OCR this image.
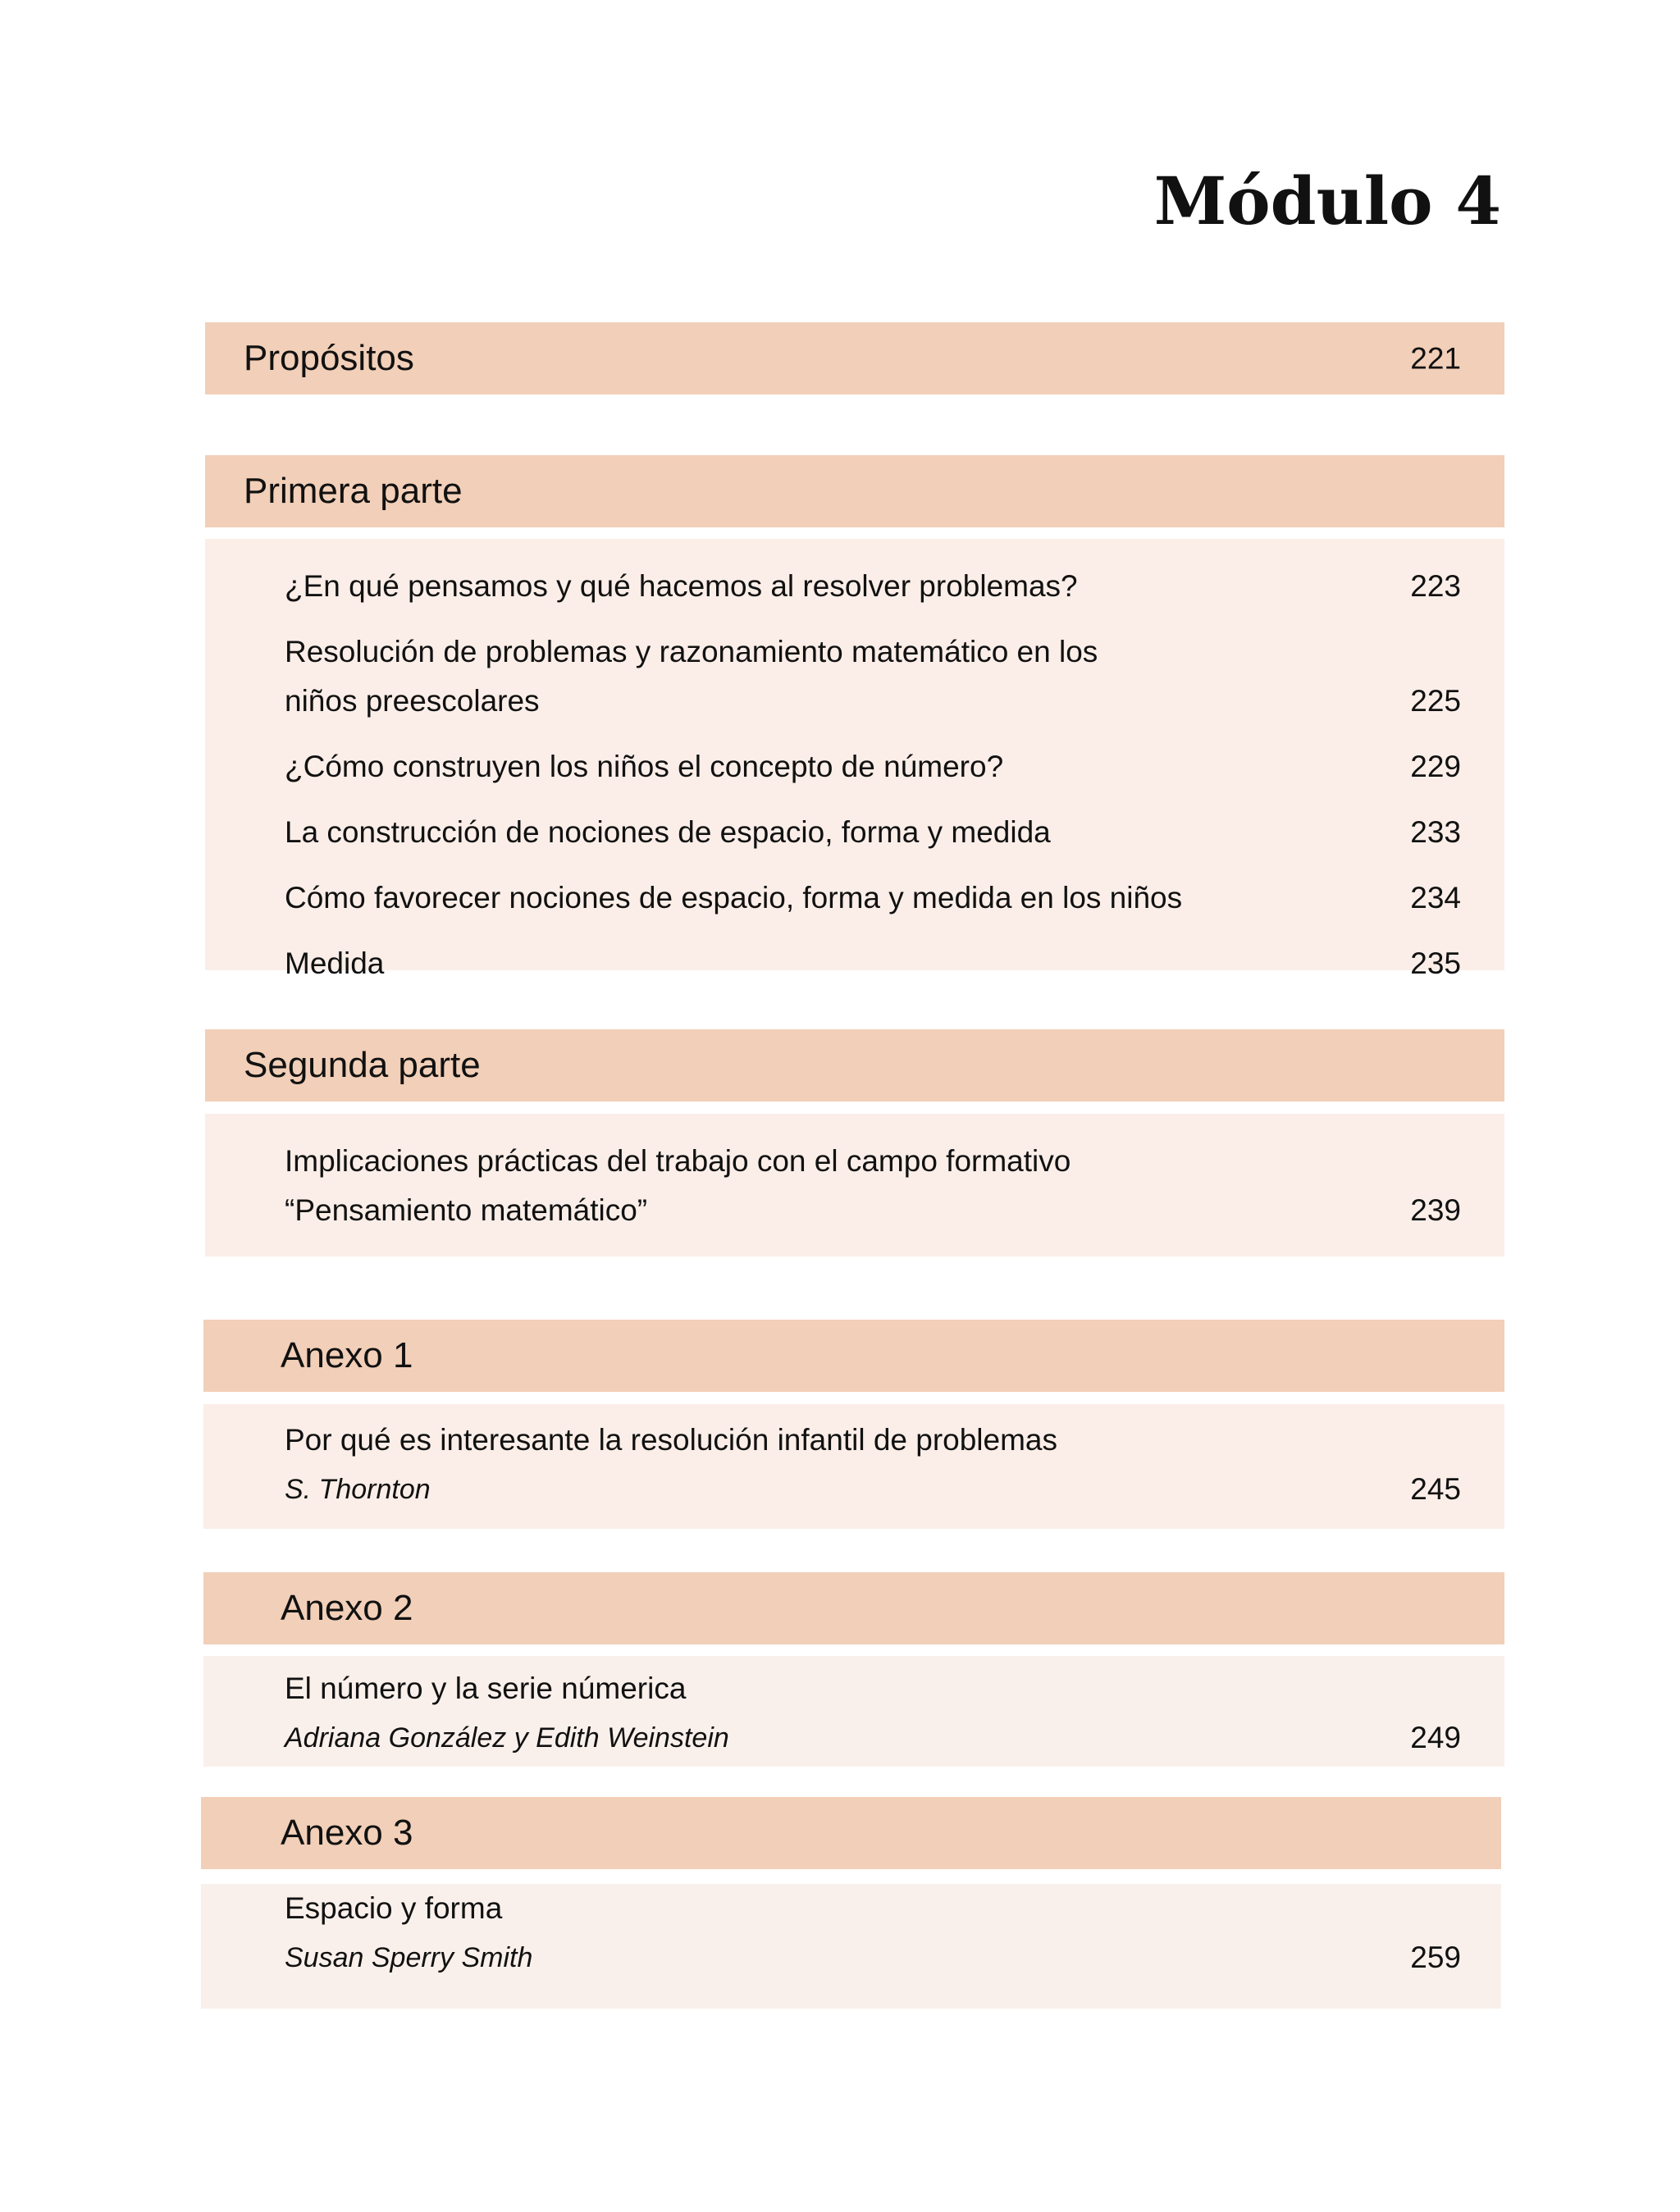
Módulo 4
Propósitos	221
Primera parte
¿En qué pensamos y qué hacemos al resolver problemas?	223
Resolución de problemas y razonamiento matemático en los
niños preescolares	225
¿Cómo construyen los niños el concepto de número?	229
La construcción de nociones de espacio, forma y medida	233
Cómo favorecer nociones de espacio, forma y medida en los niños	234
Medida	235
Segunda parte
Implicaciones prácticas del trabajo con el campo formativo
“Pensamiento matemático”	239
Anexo 1
Por qué es interesante la resolución infantil de problemas
S. Thornton	245
Anexo 2
El número y la serie númerica
Adriana González y Edith Weinstein	249
Anexo 3
Espacio y forma
Susan Sperry Smith	259
